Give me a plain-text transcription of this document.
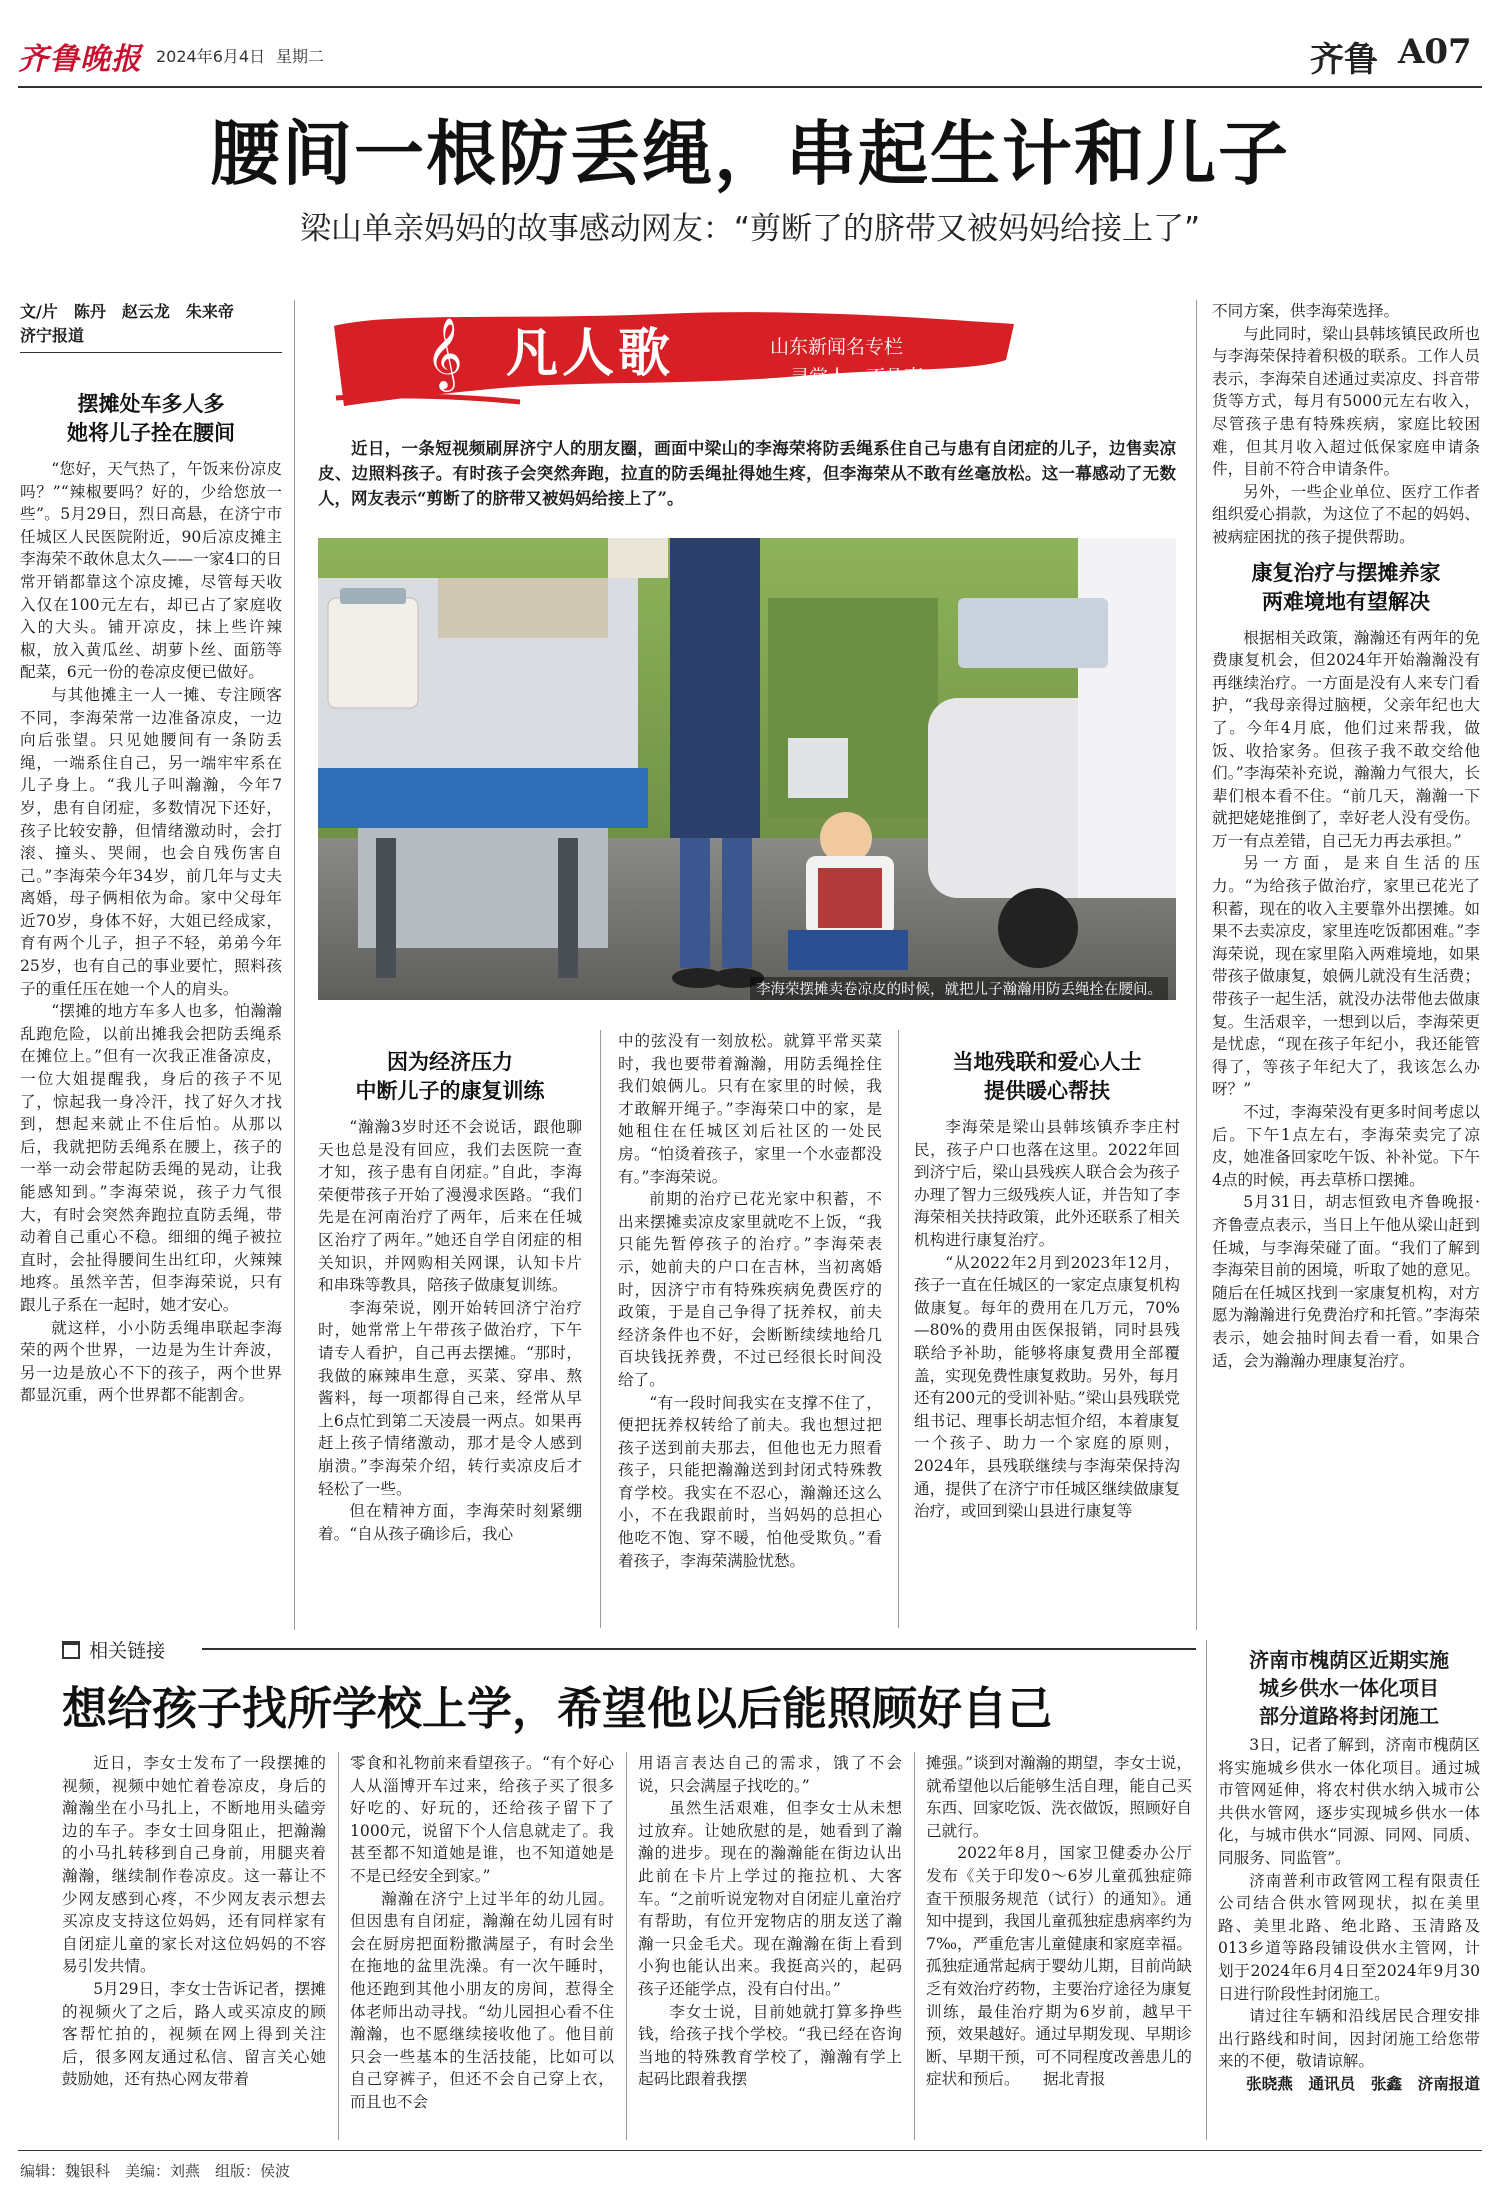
齐鲁晚报 2024年6月4日 星期二	齐鲁 A07
腰间一根防丢绳，串起生计和儿子
梁山单亲妈妈的故事感动网友：“剪断了的脐带又被妈妈给接上了”
文/片　陈丹　赵云龙　朱来帝
济宁报道
摆摊处车多人多
她将儿子拴在腰间

“您好，天气热了，午饭来份凉皮吗？”“辣椒要吗？好的，少给您放一些”。5月29日，烈日高悬，在济宁市任城区人民医院附近，90后凉皮摊主李海荣不敢休息太久——一家4口的日常开销都靠这个凉皮摊，尽管每天收入仅在100元左右，却已占了家庭收入的大头。铺开凉皮，抹上些许辣椒，放入黄瓜丝、胡萝卜丝、面筋等配菜，6元一份的卷凉皮便已做好。

与其他摊主一人一摊、专注顾客不同，李海荣常一边准备凉皮，一边向后张望。只见她腰间有一条防丢绳，一端系住自己，另一端牢牢系在儿子身上。“我儿子叫瀚瀚，今年7岁，患有自闭症，多数情况下还好，孩子比较安静，但情绪激动时，会打滚、撞头、哭闹，也会自残伤害自己。”李海荣今年34岁，前几年与丈夫离婚，母子俩相依为命。家中父母年近70岁，身体不好，大姐已经成家，育有两个儿子，担子不轻，弟弟今年25岁，也有自己的事业要忙，照料孩子的重任压在她一个人的肩头。

“摆摊的地方车多人也多，怕瀚瀚乱跑危险，以前出摊我会把防丢绳系在摊位上。”但有一次我正准备凉皮，一位大姐提醒我，身后的孩子不见了，惊起我一身冷汗，找了好久才找到，想起来就止不住后怕。从那以后，我就把防丢绳系在腰上，孩子的一举一动会带起防丢绳的晃动，让我能感知到。”李海荣说，孩子力气很大，有时会突然奔跑拉直防丢绳，带动着自己重心不稳。细细的绳子被拉直时，会扯得腰间生出红印，火辣辣地疼。虽然辛苦，但李海荣说，只有跟儿子系在一起时，她才安心。

就这样，小小防丢绳串联起李海荣的两个世界，一边是为生计奔波，另一边是放心不下的孩子，两个世界都显沉重，两个世界都不能割舍。

𝄞 凡人歌	山东新闻名专栏
寻常人　不凡事

近日，一条短视频刷屏济宁人的朋友圈，画面中梁山的李海荣将防丢绳系住自己与患有自闭症的儿子，边售卖凉皮、边照料孩子。有时孩子会突然奔跑，拉直的防丢绳扯得她生疼，但李海荣从不敢有丝毫放松。这一幕感动了无数人，网友表示“剪断了的脐带又被妈妈给接上了”。

李海荣摆摊卖卷凉皮的时候，就把儿子瀚瀚用防丢绳拴在腰间。
因为经济压力
中断儿子的康复训练

“瀚瀚3岁时还不会说话，跟他聊天也总是没有回应，我们去医院一查才知，孩子患有自闭症。”自此，李海荣便带孩子开始了漫漫求医路。“我们先是在河南治疗了两年，后来在任城区治疗了两年。”她还自学自闭症的相关知识，并网购相关网课，认知卡片和串珠等教具，陪孩子做康复训练。

李海荣说，刚开始转回济宁治疗时，她常常上午带孩子做治疗，下午请专人看护，自己再去摆摊。“那时，我做的麻辣串生意，买菜、穿串、熬酱料，每一项都得自己来，经常从早上6点忙到第二天凌晨一两点。如果再赶上孩子情绪激动，那才是令人感到崩溃。”李海荣介绍，转行卖凉皮后才轻松了一些。

但在精神方面，李海荣时刻紧绷着。“自从孩子确诊后，我心

中的弦没有一刻放松。就算平常买菜时，我也要带着瀚瀚，用防丢绳拴住我们娘俩儿。只有在家里的时候，我才敢解开绳子。”李海荣口中的家，是她租住在任城区刘后社区的一处民房。“怕烫着孩子，家里一个水壶都没有。”李海荣说。

前期的治疗已花光家中积蓄，不出来摆摊卖凉皮家里就吃不上饭，“我只能先暂停孩子的治疗。”李海荣表示，她前夫的户口在吉林，当初离婚时，因济宁市有特殊疾病免费医疗的政策，于是自己争得了抚养权，前夫经济条件也不好，会断断续续地给几百块钱抚养费，不过已经很长时间没给了。

“有一段时间我实在支撑不住了，便把抚养权转给了前夫。我也想过把孩子送到前夫那去，但他也无力照看孩子，只能把瀚瀚送到封闭式特殊教育学校。我实在不忍心，瀚瀚还这么小，不在我跟前时，当妈妈的总担心他吃不饱、穿不暖，怕他受欺负。”看着孩子，李海荣满脸忧愁。

当地残联和爱心人士
提供暖心帮扶

李海荣是梁山县韩垓镇乔李庄村民，孩子户口也落在这里。2022年回到济宁后，梁山县残疾人联合会为孩子办理了智力三级残疾人证，并告知了李海荣相关扶持政策，此外还联系了相关机构进行康复治疗。

“从2022年2月到2023年12月，孩子一直在任城区的一家定点康复机构做康复。每年的费用在几万元，70%—80%的费用由医保报销，同时县残联给予补助，能够将康复费用全部覆盖，实现免费性康复救助。另外，每月还有200元的受训补贴。”梁山县残联党组书记、理事长胡志恒介绍，本着康复一个孩子、助力一个家庭的原则，2024年，县残联继续与李海荣保持沟通，提供了在济宁市任城区继续做康复治疗，或回到梁山县进行康复等

不同方案，供李海荣选择。

与此同时，梁山县韩垓镇民政所也与李海荣保持着积极的联系。工作人员表示，李海荣自述通过卖凉皮、抖音带货等方式，每月有5000元左右收入，尽管孩子患有特殊疾病，家庭比较困难，但其月收入超过低保家庭申请条件，目前不符合申请条件。

另外，一些企业单位、医疗工作者组织爱心捐款，为这位了不起的妈妈、被病症困扰的孩子提供帮助。

康复治疗与摆摊养家
两难境地有望解决

根据相关政策，瀚瀚还有两年的免费康复机会，但2024年开始瀚瀚没有再继续治疗。一方面是没有人来专门看护，“我母亲得过脑梗，父亲年纪也大了。今年4月底，他们过来帮我，做饭、收拾家务。但孩子我不敢交给他们。”李海荣补充说，瀚瀚力气很大，长辈们根本看不住。“前几天，瀚瀚一下就把姥姥推倒了，幸好老人没有受伤。万一有点差错，自己无力再去承担。”

另一方面，是来自生活的压力。“为给孩子做治疗，家里已花光了积蓄，现在的收入主要靠外出摆摊。如果不去卖凉皮，家里连吃饭都困难。”李海荣说，现在家里陷入两难境地，如果带孩子做康复，娘俩儿就没有生活费；带孩子一起生活，就没办法带他去做康复。生活艰辛，一想到以后，李海荣更是忧虑，“现在孩子年纪小，我还能管得了，等孩子年纪大了，我该怎么办呀？”

不过，李海荣没有更多时间考虑以后。下午1点左右，李海荣卖完了凉皮，她准备回家吃午饭、补补觉。下午4点的时候，再去草桥口摆摊。

5月31日，胡志恒致电齐鲁晚报·齐鲁壹点表示，当日上午他从梁山赶到任城，与李海荣碰了面。“我们了解到李海荣目前的困境，听取了她的意见。随后在任城区找到一家康复机构，对方愿为瀚瀚进行免费治疗和托管。”李海荣表示，她会抽时间去看一看，如果合适，会为瀚瀚办理康复治疗。

相关链接
想给孩子找所学校上学，希望他以后能照顾好自己

近日，李女士发布了一段摆摊的视频，视频中她忙着卷凉皮，身后的瀚瀚坐在小马扎上，不断地用头磕旁边的车子。李女士回身阻止，把瀚瀚的小马扎转移到自己身前，用腿夹着瀚瀚，继续制作卷凉皮。这一幕让不少网友感到心疼，不少网友表示想去买凉皮支持这位妈妈，还有同样家有自闭症儿童的家长对这位妈妈的不容易引发共情。

5月29日，李女士告诉记者，摆摊的视频火了之后，路人或买凉皮的顾客帮忙拍的，视频在网上得到关注后，很多网友通过私信、留言关心她鼓励她，还有热心网友带着

零食和礼物前来看望孩子。“有个好心人从淄博开车过来，给孩子买了很多好吃的、好玩的，还给孩子留下了1000元，说留下个人信息就走了。我甚至都不知道她是谁，也不知道她是不是已经安全到家。”

瀚瀚在济宁上过半年的幼儿园。但因患有自闭症，瀚瀚在幼儿园有时会在厨房把面粉撒满屋子，有时会坐在拖地的盆里洗澡。有一次午睡时，他还跑到其他小朋友的房间，惹得全体老师出动寻找。“幼儿园担心看不住瀚瀚，也不愿继续接收他了。他目前只会一些基本的生活技能，比如可以自己穿裤子，但还不会自己穿上衣，而且也不会

用语言表达自己的需求，饿了不会说，只会满屋子找吃的。”

虽然生活艰难，但李女士从未想过放弃。让她欣慰的是，她看到了瀚瀚的进步。现在的瀚瀚能在街边认出此前在卡片上学过的拖拉机、大客车。“之前听说宠物对自闭症儿童治疗有帮助，有位开宠物店的朋友送了瀚瀚一只金毛犬。现在瀚瀚在街上看到小狗也能认出来。我挺高兴的，起码孩子还能学点，没有白付出。”

李女士说，目前她就打算多挣些钱，给孩子找个学校。“我已经在咨询当地的特殊教育学校了，瀚瀚有学上起码比跟着我摆

摊强。”谈到对瀚瀚的期望，李女士说，就希望他以后能够生活自理，能自己买东西、回家吃饭、洗衣做饭，照顾好自己就行。

2022年8月，国家卫健委办公厅发布《关于印发0～6岁儿童孤独症筛查干预服务规范（试行）的通知》。通知中提到，我国儿童孤独症患病率约为7‰，严重危害儿童健康和家庭幸福。孤独症通常起病于婴幼儿期，目前尚缺乏有效治疗药物，主要治疗途径为康复训练，最佳治疗期为6岁前，越早干预，效果越好。通过早期发现、早期诊断、早期干预，可不同程度改善患儿的症状和预后。　　据北青报

济南市槐荫区近期实施
城乡供水一体化项目
部分道路将封闭施工

3日，记者了解到，济南市槐荫区将实施城乡供水一体化项目。通过城市管网延伸，将农村供水纳入城市公共供水管网，逐步实现城乡供水一体化，与城市供水“同源、同网、同质、同服务、同监管”。

济南普利市政管网工程有限责任公司结合供水管网现状，拟在美里路、美里北路、绝北路、玉清路及013乡道等路段铺设供水主管网，计划于2024年6月4日至2024年9月30日进行阶段性封闭施工。

请过往车辆和沿线居民合理安排出行路线和时间，因封闭施工给您带来的不便，敬请谅解。

张晓燕　通讯员　张鑫　济南报道

编辑：魏银科　美编：刘燕　组版：侯波
